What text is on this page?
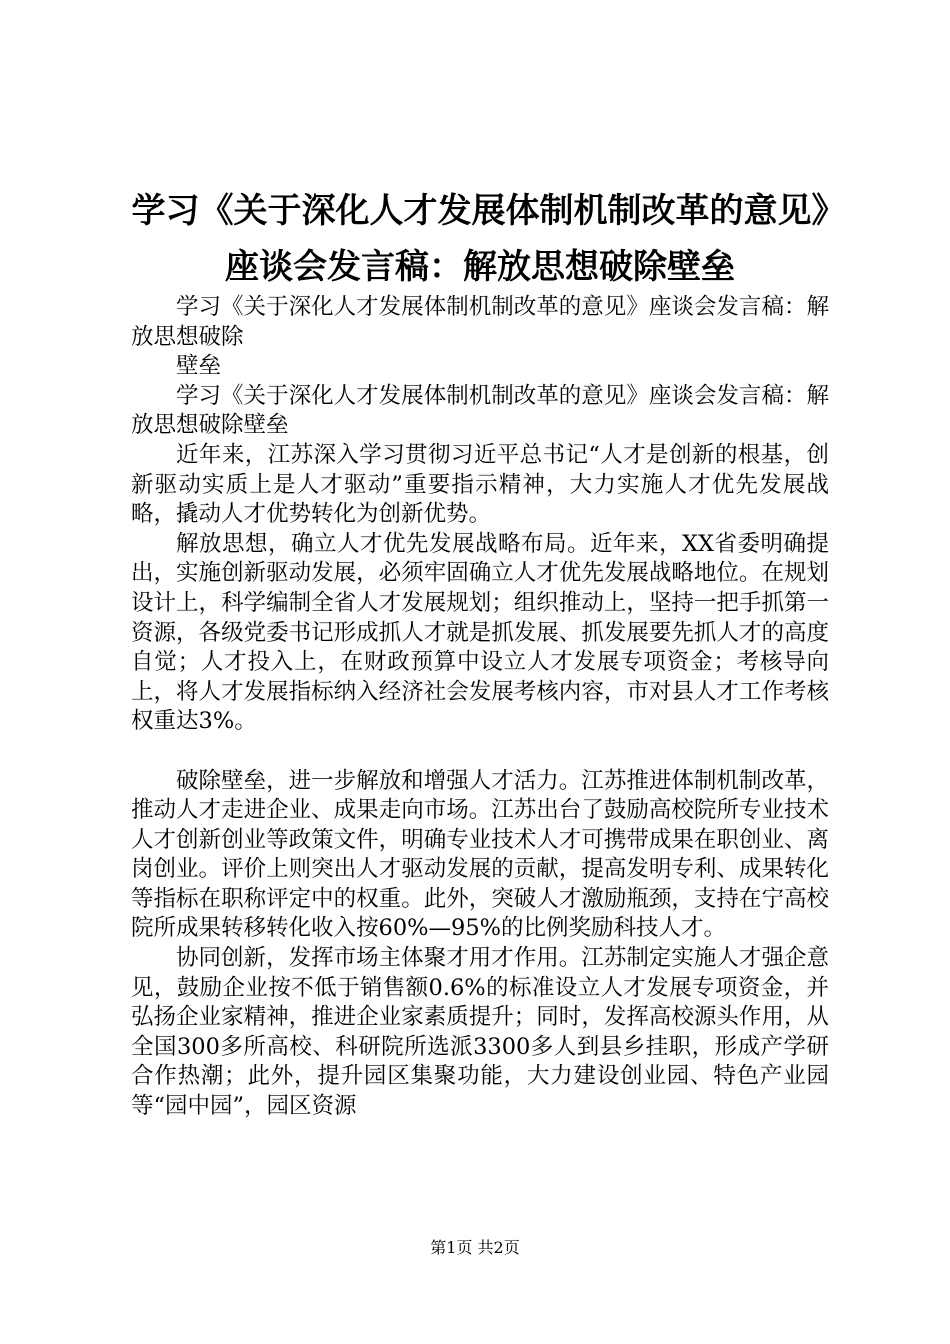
学习《关于深化人才发展体制机制改革的意见》座谈会发言稿：解放思想破除壁垒

学习《关于深化人才发展体制机制改革的意见》座谈会发言稿：解放思想破除

壁垒

学习《关于深化人才发展体制机制改革的意见》座谈会发言稿：解放思想破除壁垒

近年来，江苏深入学习贯彻习近平总书记“人才是创新的根基，创新驱动实质上是人才驱动”重要指示精神，大力实施人才优先发展战略，撬动人才优势转化为创新优势。

解放思想，确立人才优先发展战略布局。近年来，XX省委明确提出，实施创新驱动发展，必须牢固确立人才优先发展战略地位。在规划设计上，科学编制全省人才发展规划；组织推动上，坚持一把手抓第一资源，各级党委书记形成抓人才就是抓发展、抓发展要先抓人才的高度自觉；人才投入上，在财政预算中设立人才发展专项资金；考核导向上，将人才发展指标纳入经济社会发展考核内容，市对县人才工作考核权重达3%。

破除壁垒，进一步解放和增强人才活力。江苏推进体制机制改革，推动人才走进企业、成果走向市场。江苏出台了鼓励高校院所专业技术人才创新创业等政策文件，明确专业技术人才可携带成果在职创业、离岗创业。评价上则突出人才驱动发展的贡献，提高发明专利、成果转化等指标在职称评定中的权重。此外，突破人才激励瓶颈，支持在宁高校院所成果转移转化收入按60%—95%的比例奖励科技人才。

协同创新，发挥市场主体聚才用才作用。江苏制定实施人才强企意见，鼓励企业按不低于销售额0.6%的标准设立人才发展专项资金，并弘扬企业家精神，推进企业家素质提升；同时，发挥高校源头作用，从全国300多所高校、科研院所选派3300多人到县乡挂职，形成产学研合作热潮；此外，提升园区集聚功能，大力建设创业园、特色产业园等“园中园”，园区资源

第1页 共2页
